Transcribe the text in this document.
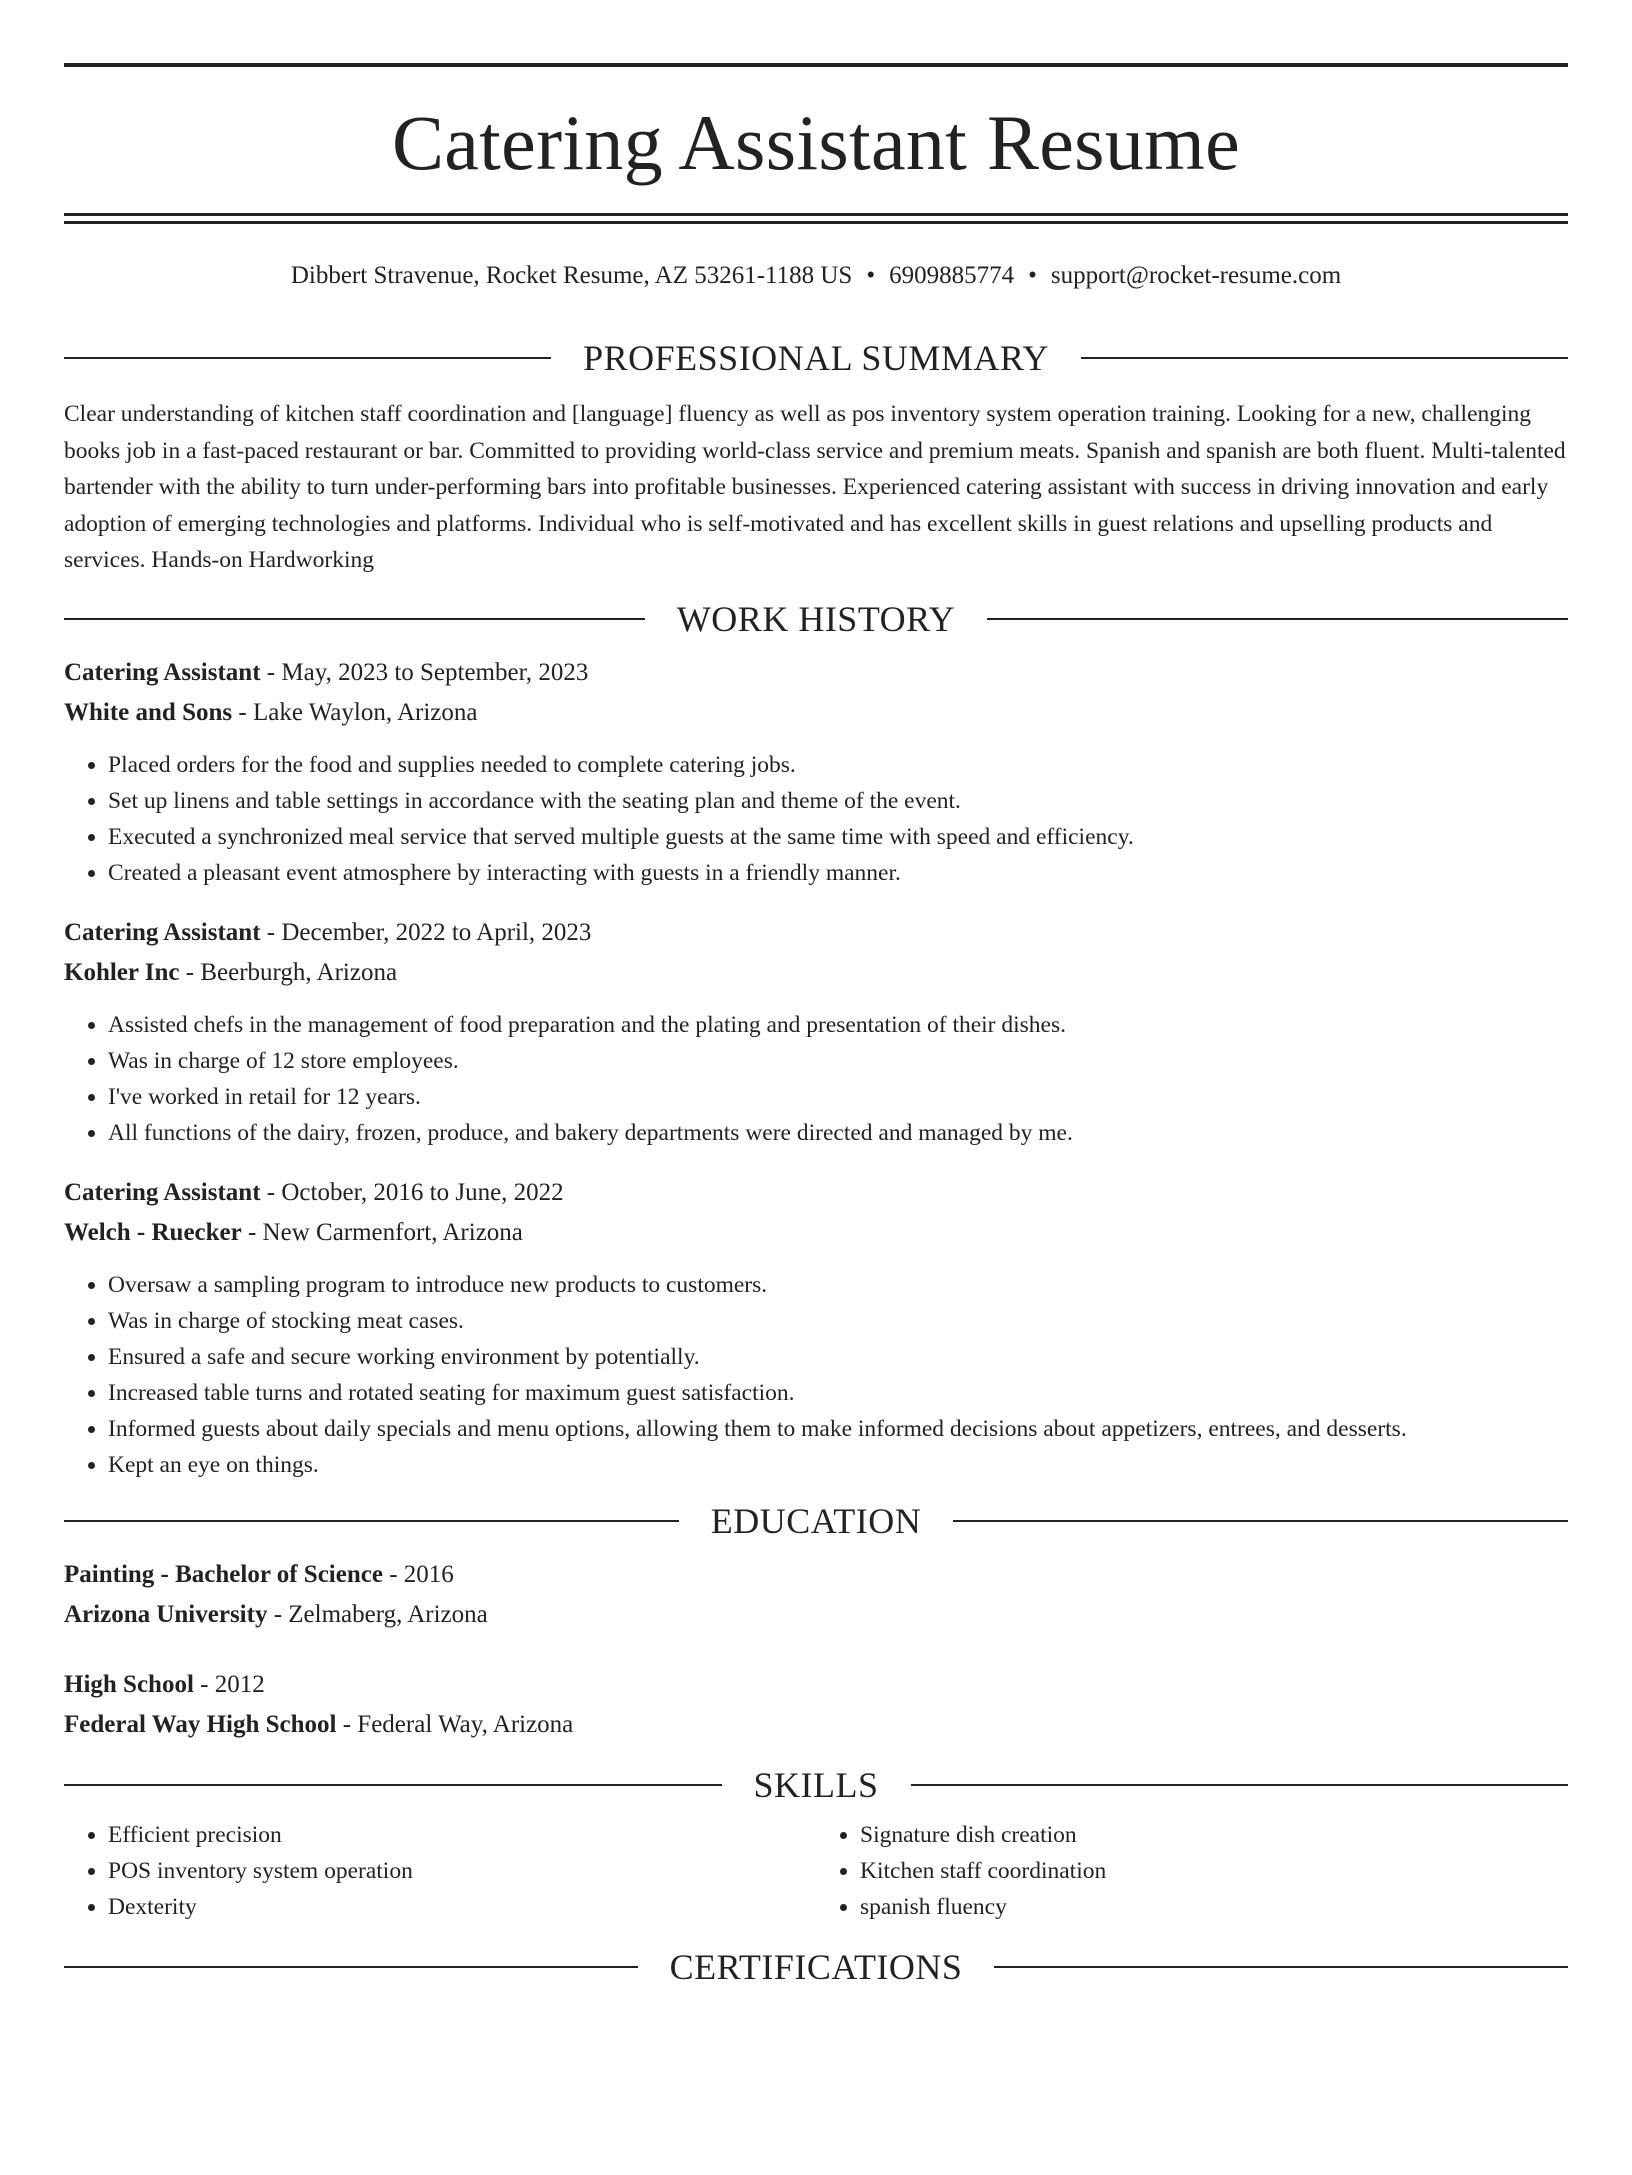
Catering Assistant Resume
Dibbert Stravenue, Rocket Resume, AZ 53261-1188 US • 6909885774 • support@rocket-resume.com
PROFESSIONAL SUMMARY

Clear understanding of kitchen staff coordination and [language] fluency as well as pos inventory system operation training. Looking for a new, challenging books job in a fast-paced restaurant or bar. Committed to providing world-class service and premium meats. Spanish and spanish are both fluent. Multi-talented bartender with the ability to turn under-performing bars into profitable businesses. Experienced catering assistant with success in driving innovation and early adoption of emerging technologies and platforms. Individual who is self-motivated and has excellent skills in guest relations and upselling products and services. Hands-on Hardworking

WORK HISTORY
Catering Assistant - May, 2023 to September, 2023
White and Sons - Lake Waylon, Arizona
• Placed orders for the food and supplies needed to complete catering jobs.
• Set up linens and table settings in accordance with the seating plan and theme of the event.
• Executed a synchronized meal service that served multiple guests at the same time with speed and efficiency.
• Created a pleasant event atmosphere by interacting with guests in a friendly manner.
Catering Assistant - December, 2022 to April, 2023
Kohler Inc - Beerburgh, Arizona
• Assisted chefs in the management of food preparation and the plating and presentation of their dishes.
• Was in charge of 12 store employees.
• I've worked in retail for 12 years.
• All functions of the dairy, frozen, produce, and bakery departments were directed and managed by me.
Catering Assistant - October, 2016 to June, 2022
Welch - Ruecker - New Carmenfort, Arizona
• Oversaw a sampling program to introduce new products to customers.
• Was in charge of stocking meat cases.
• Ensured a safe and secure working environment by potentially.
• Increased table turns and rotated seating for maximum guest satisfaction.
• Informed guests about daily specials and menu options, allowing them to make informed decisions about appetizers, entrees, and desserts.
• Kept an eye on things.
EDUCATION
Painting - Bachelor of Science - 2016
Arizona University - Zelmaberg, Arizona
High School - 2012
Federal Way High School - Federal Way, Arizona
SKILLS
• Efficient precision
• POS inventory system operation
• Dexterity
• Signature dish creation
• Kitchen staff coordination
• spanish fluency
CERTIFICATIONS
